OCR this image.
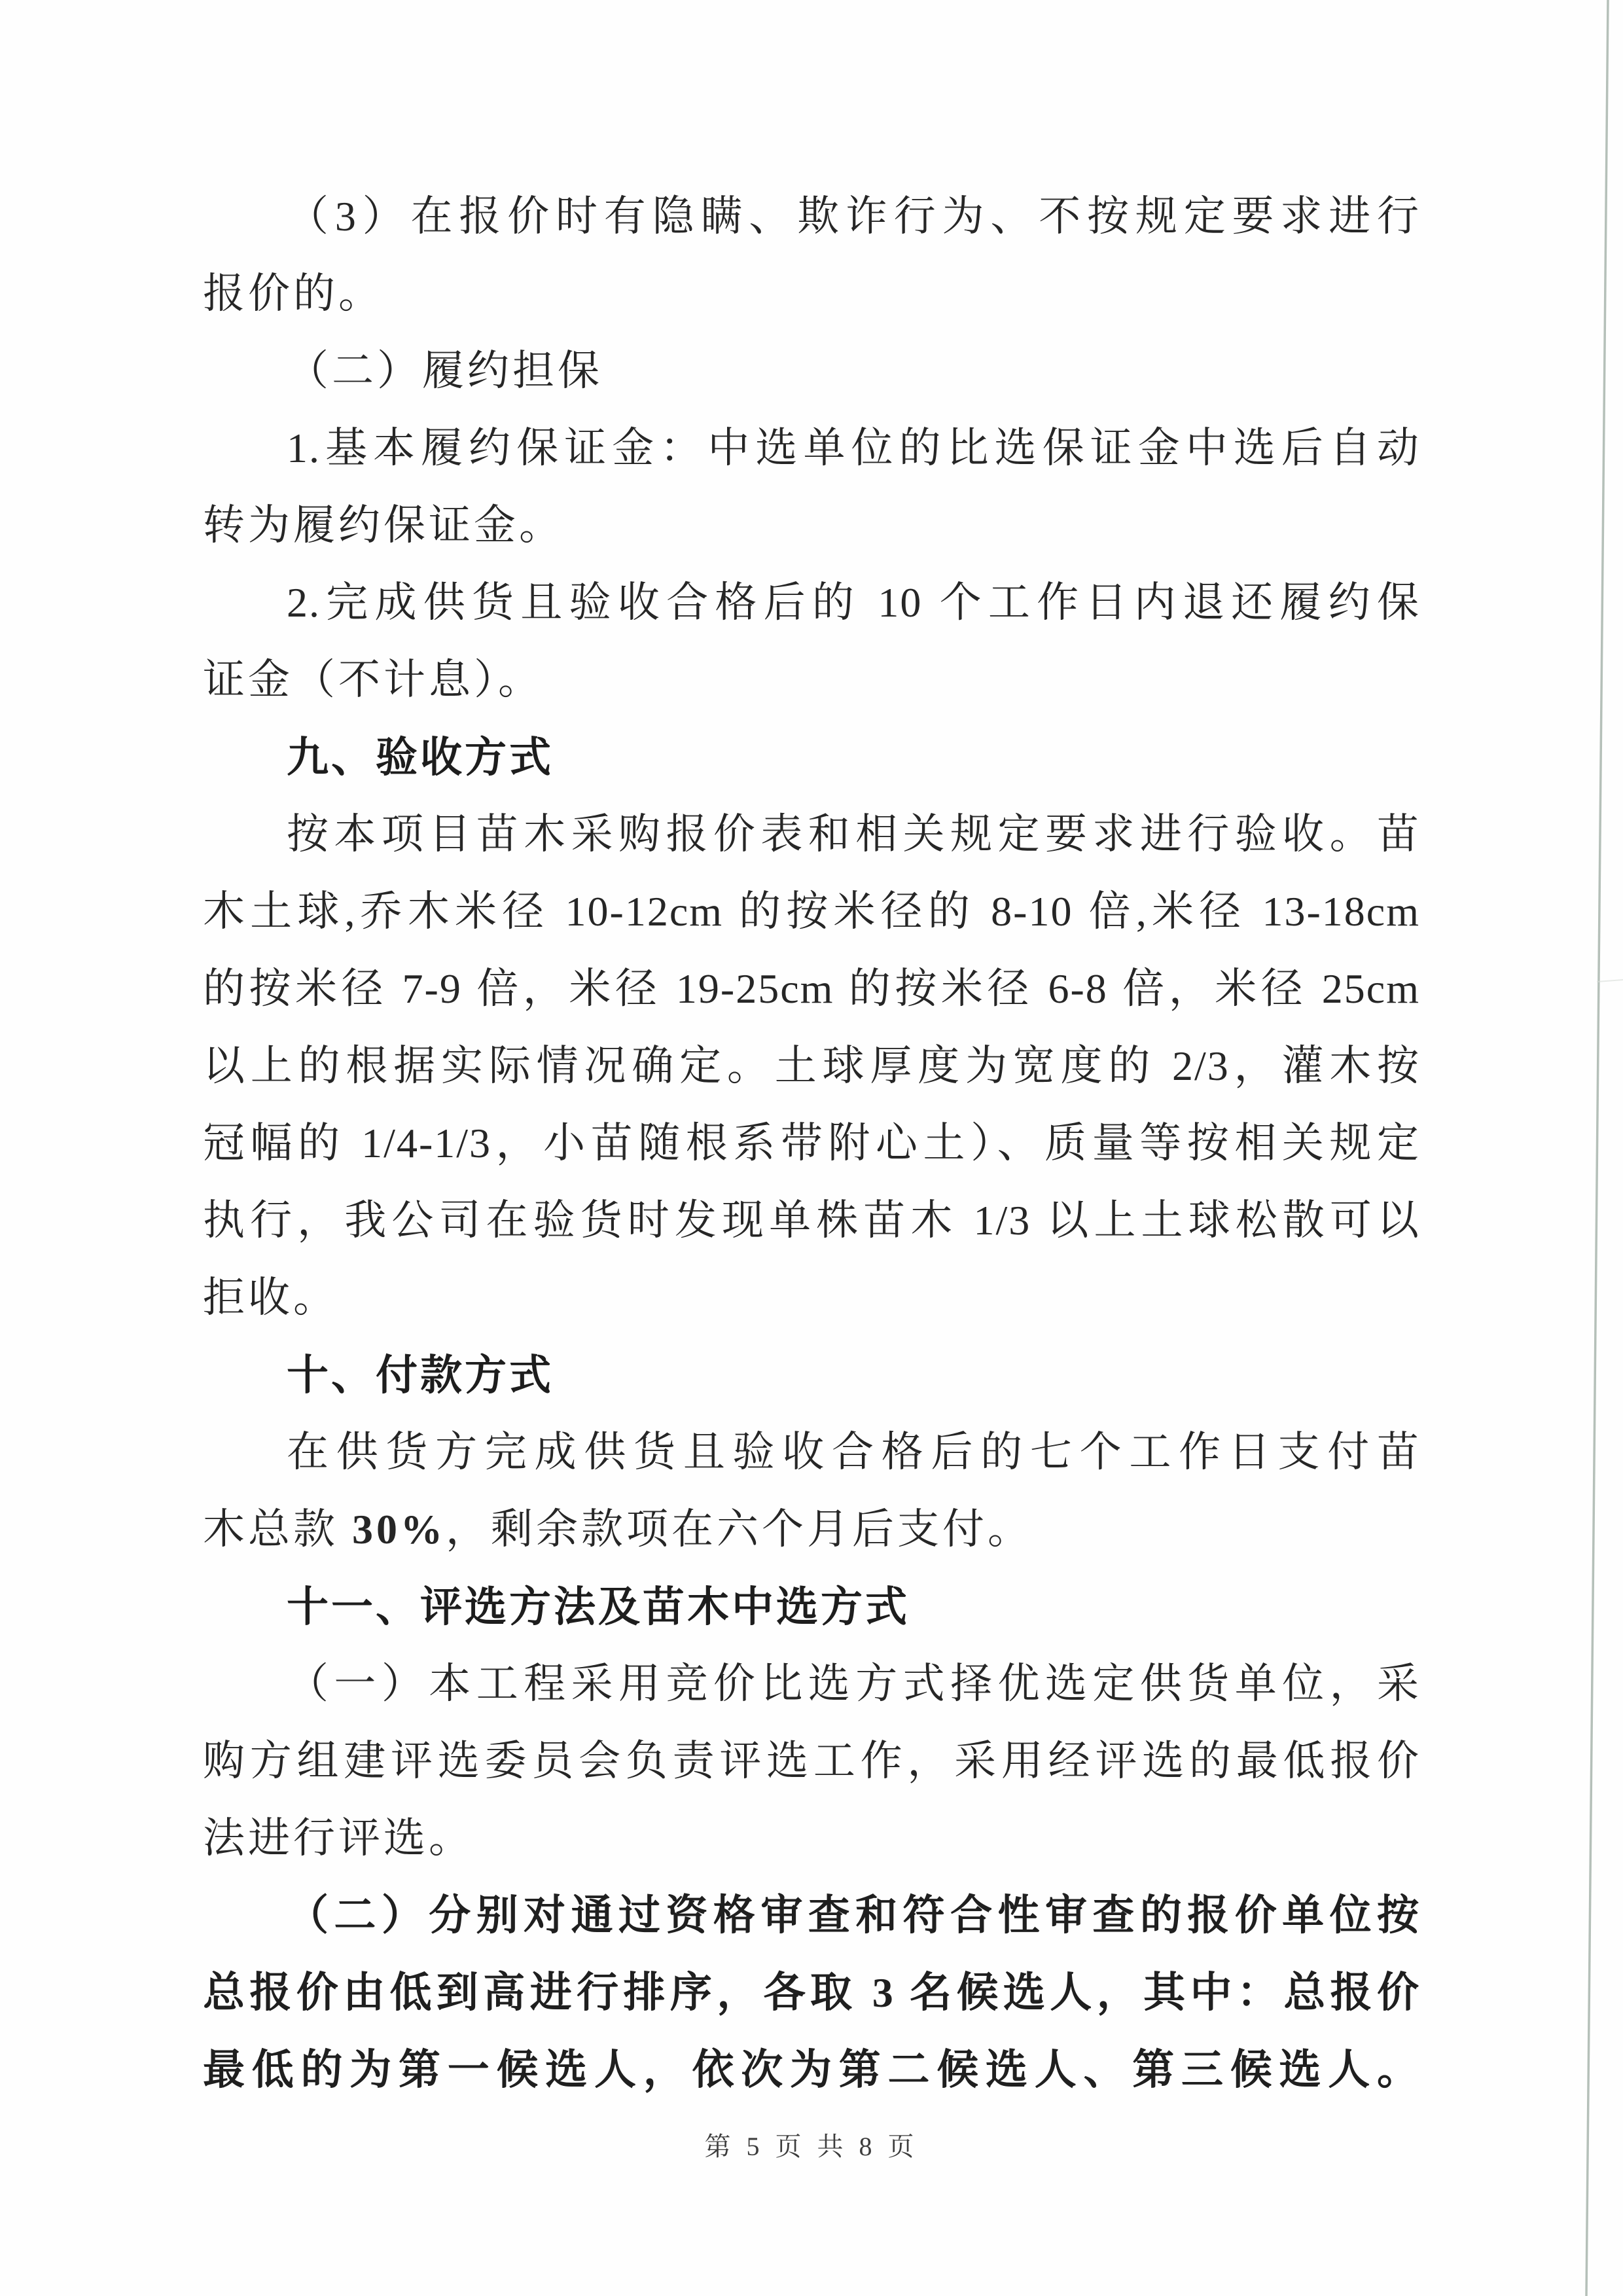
（3）在报价时有隐瞒、欺诈行为、不按规定要求进行
报价的。
（二）履约担保
1.基本履约保证金：中选单位的比选保证金中选后自动
转为履约保证金。
2.完成供货且验收合格后的 10 个工作日内退还履约保
证金（不计息）。
九、验收方式
按本项目苗木采购报价表和相关规定要求进行验收。苗
木土球,乔木米径 10-12cm 的按米径的 8-10 倍,米径 13-18cm
的按米径 7-9 倍，米径 19-25cm 的按米径 6-8 倍，米径 25cm
以上的根据实际情况确定。土球厚度为宽度的 2/3，灌木按
冠幅的 1/4-1/3，小苗随根系带附心土）、质量等按相关规定
执行，我公司在验货时发现单株苗木 1/3 以上土球松散可以
拒收。
十、付款方式
在供货方完成供货且验收合格后的七个工作日支付苗
木总款 30%，剩余款项在六个月后支付。
十一、评选方法及苗木中选方式
（一）本工程采用竞价比选方式择优选定供货单位，采
购方组建评选委员会负责评选工作，采用经评选的最低报价
法进行评选。
（二）分别对通过资格审查和符合性审查的报价单位按
总报价由低到高进行排序，各取 3 名候选人，其中：总报价
最低的为第一候选人，依次为第二候选人、第三候选人。
第 5 页 共 8 页
